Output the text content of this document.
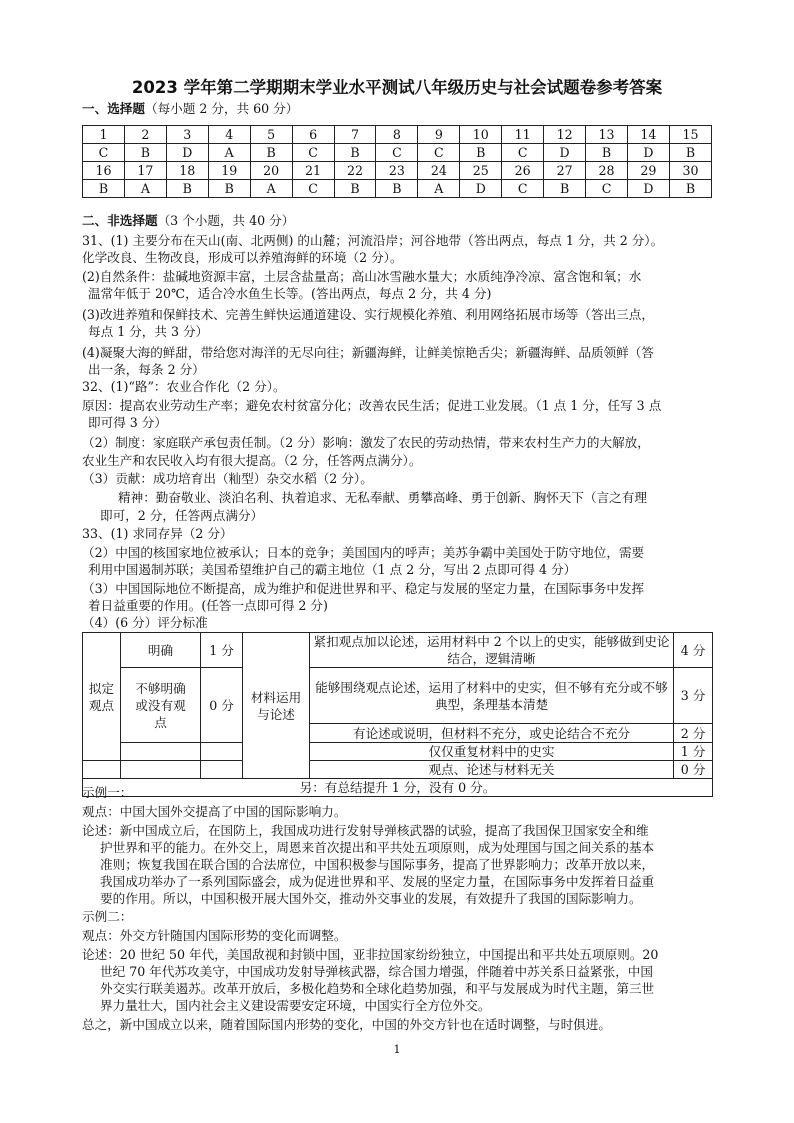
2023 学年第二学期期末学业水平测试八年级历史与社会试题卷参考答案
一、选择题（每小题 2 分，共 60 分）
1	2	3	4	5	6	7	8	9	10	11	12	13	14	15
C	B	D	A	B	C	B	C	C	B	C	D	B	D	B
16	17	18	19	20	21	22	23	24	25	26	27	28	29	30
B	A	B	B	A	C	B	B	A	D	C	B	C	D	B
二、非选择题（3 个小题，共 40 分）
31、(1) 主要分布在天山(南、北两侧) 的山麓；河流沿岸；河谷地带（答出两点，每点 1 分，共 2 分）。
化学改良、生物改良，形成可以养殖海鲜的环境（2 分）。
(2)自然条件：盐碱地资源丰富，土层含盐量高；高山冰雪融水量大；水质纯净冷凉、富含饱和氧；水
温常年低于 20℃，适合冷水鱼生长等。(答出两点，每点 2 分，共 4 分)
(3)改进养殖和保鲜技术、完善生鲜快运通道建设、实行规模化养殖、利用网络拓展市场等（答出三点，
每点 1 分，共 3 分）
(4)凝聚大海的鲜甜，带给您对海洋的无尽向往；新疆海鲜，让鲜美惊艳舌尖；新疆海鲜、品质领鲜（答
出一条，每条 2 分）
32、(1)“路”：农业合作化（2 分）。
原因：提高农业劳动生产率；避免农村贫富分化；改善农民生活；促进工业发展。（1 点 1 分，任写 3 点
即可得 3 分）
（2）制度：家庭联产承包责任制。（2 分）影响：激发了农民的劳动热情，带来农村生产力的大解放，
农业生产和农民收入均有很大提高。（2 分，任答两点满分）。
（3）贡献：成功培育出（籼型）杂交水稻（2 分）。
精神：勤奋敬业、淡泊名利、执着追求、无私奉献、勇攀高峰、勇于创新、胸怀天下（言之有理
即可，2 分，任答两点满分）
33、(1) 求同存异（2 分）
（2）中国的核国家地位被承认；日本的竞争；美国国内的呼声；美苏争霸中美国处于防守地位，需要
利用中国遏制苏联；美国希望维护自己的霸主地位（1 点 2 分，写出 2 点即可得 4 分）
（3）中国国际地位不断提高，成为维护和促进世界和平、稳定与发展的坚定力量，在国际事务中发挥
着日益重要的作用。(任答一点即可得 2 分)
（4）(6 分）评分标准
拟定观点	明确	1 分	材料运用与论述	紧扣观点加以论述，运用材料中 2 个以上的史实，能够做到史论结合，逻辑清晰	4 分
	不够明确或没有观点	0 分		能够围绕观点论述，运用了材料中的史实，但不够有充分或不够典型，条理基本清楚	3 分
				有论述或说明，但材料不充分，或史论结合不充分	2 分
				仅仅重复材料中的史实	1 分
				观点、论述与材料无关	0 分
另：有总结提升 1 分，没有 0 分。					
示例一：
观点：中国大国外交提高了中国的国际影响力。
论述：新中国成立后，在国防上，我国成功进行发射导弹核武器的试验，提高了我国保卫国家安全和维
护世界和平的能力。在外交上，周恩来首次提出和平共处五项原则，成为处理国与国之间关系的基本
准则；恢复我国在联合国的合法席位，中国积极参与国际事务，提高了世界影响力；改革开放以来，
我国成功举办了一系列国际盛会，成为促进世界和平、发展的坚定力量，在国际事务中发挥着日益重
要的作用。所以，中国积极开展大国外交，推动外交事业的发展，有效提升了我国的国际影响力。
示例二：
观点：外交方针随国内国际形势的变化而调整。
论述：20 世纪 50 年代，美国敌视和封锁中国，亚非拉国家纷纷独立，中国提出和平共处五项原则。20
世纪 70 年代苏攻美守，中国成功发射导弹核武器，综合国力增强，伴随着中苏关系日益紧张，中国
外交实行联美遏苏。改革开放后，多极化趋势和全球化趋势加强，和平与发展成为时代主题，第三世
界力量壮大，国内社会主义建设需要安定环境，中国实行全方位外交。
总之，新中国成立以来，随着国际国内形势的变化，中国的外交方针也在适时调整，与时俱进。
1
